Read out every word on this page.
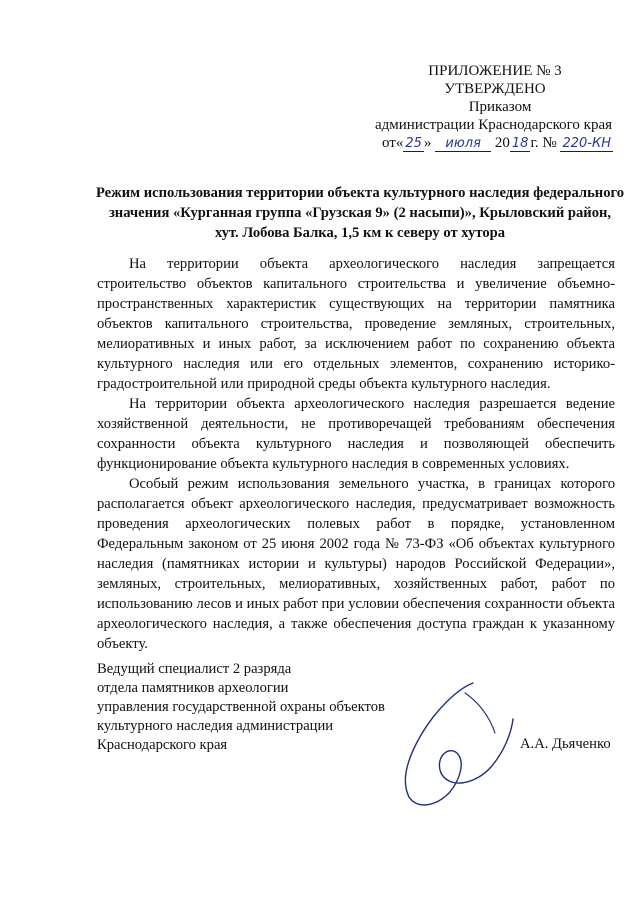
ПРИЛОЖЕНИЕ № 3
УТВЕРЖДЕНО
Приказом
администрации Краснодарского края
от« 25 » июля 20 18 г. № 220-КН
Режим использования территории объекта культурного наследия федерального
значения «Курганная группа «Грузская 9» (2 насыпи)», Крыловский район,
хут. Лобова Балка, 1,5 км к северу от хутора

На территории объекта археологического наследия запрещается строительство объектов капитального строительства и увеличение объемно-пространственных характеристик существующих на территории памятника объектов капитального строительства, проведение земляных, строительных, мелиоративных и иных работ, за исключением работ по сохранению объекта культурного наследия или его отдельных элементов, сохранению историко-градостроительной или природной среды объекта культурного наследия.

На территории объекта археологического наследия разрешается ведение хозяйственной деятельности, не противоречащей требованиям обеспечения сохранности объекта культурного наследия и позволяющей обеспечить функционирование объекта культурного наследия в современных условиях.

Особый режим использования земельного участка, в границах которого располагается объект археологического наследия, предусматривает возможность проведения археологических полевых работ в порядке, установленном Федеральным законом от 25 июня 2002 года № 73-ФЗ «Об объектах культурного наследия (памятниках истории и культуры) народов Российской Федерации», земляных, строительных, мелиоративных, хозяйственных работ, работ по использованию лесов и иных работ при условии обеспечения сохранности объекта археологического наследия, а также обеспечения доступа граждан к указанному объекту.

Ведущий специалист 2 разряда
отдела памятников археологии
управления государственной охраны объектов
культурного наследия администрации
Краснодарского края	А.А. Дьяченко
